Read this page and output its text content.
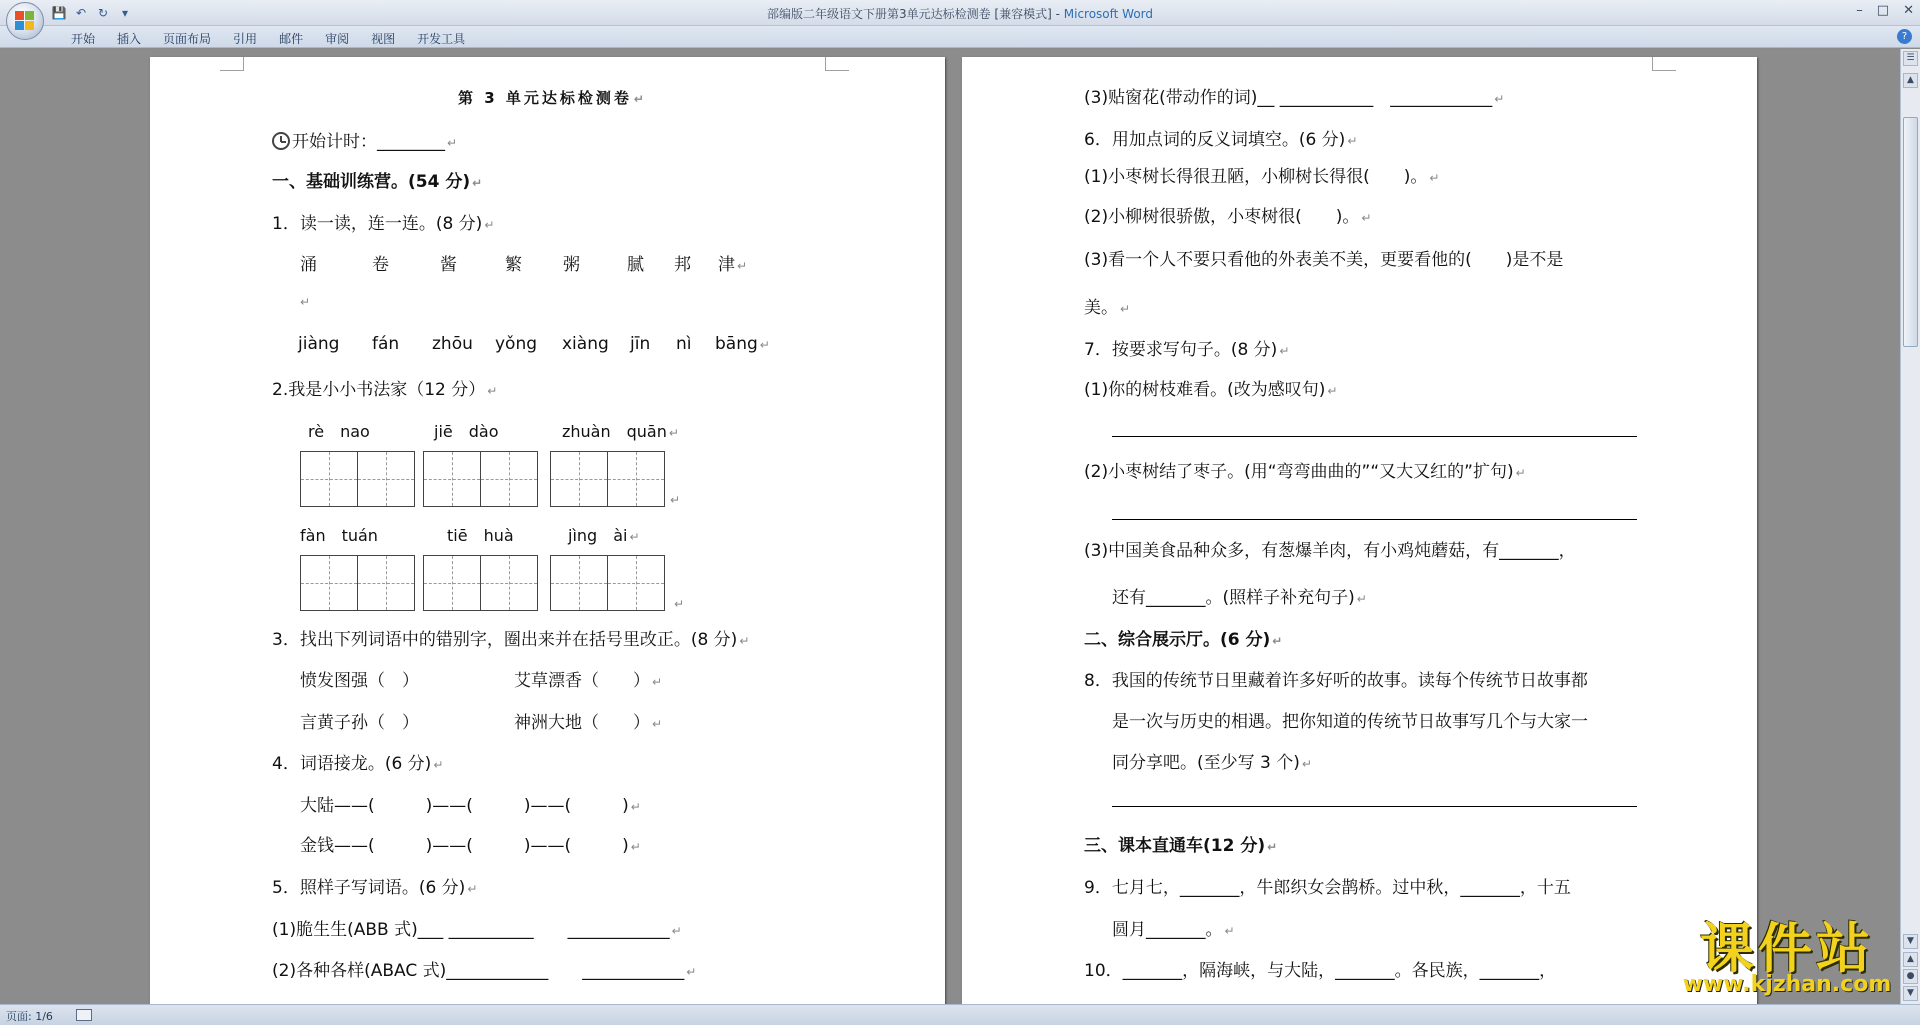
💾 ↶ ↻	▾	部编版二年级语文下册第3单元达标检测卷 [兼容模式] - Microsoft Word	– □ ✕
开始	插入	页面布局	引用	邮件	审阅	视图	开发工具	?
第 3 单元达标检测卷 ↵
开始计时：________ ↵
一、基础训练营。(54 分) ↵
1．读一读，连一连。(8 分) ↵
涌	卷	酱	繁 粥	腻 邦 津 ↵
↵
jiàng fán zhōu yǒng xiàng jīn nì bāng ↵
2.我是小小书法家（12 分） ↵
rè　nao	jiē　dào	zhuàn　quān ↵
↵
fàn　tuán	tiē　huà	jìng　ài ↵
↵
3．找出下列词语中的错别字，圈出来并在括号里改正。(8 分) ↵
愤发图强（　）	艾草漂香（　　） ↵
言黄子孙（　）	神洲大地（　　） ↵
4．词语接龙。(6 分) ↵
大陆——(　　　)——(　　　)——(　　　) ↵
金钱——(　　　)——(　　　)——(　　　) ↵
5．照样子写词语。(6 分) ↵
(1)脆生生(ABB 式)___ __________　　____________ ↵
(2)各种各样(ABAC 式)____________　　____________ ↵
(3)贴窗花(带动作的词)__ ___________　____________ ↵
6．用加点词的反义词填空。(6 分) ↵
(1)小枣树长得很丑陋，小柳树长得很(　　)。 ↵
(2)小柳树很骄傲，小枣树很(　　)。 ↵
(3)看一个人不要只看他的外表美不美，更要看他的(　　)是不是
美。 ↵
7．按要求写句子。(8 分) ↵
(1)你的树枝难看。(改为感叹句) ↵
(2)小枣树结了枣子。(用“弯弯曲曲的”“又大又红的”扩句) ↵
(3)中国美食品种众多，有葱爆羊肉，有小鸡炖蘑菇，有_______，
还有_______。(照样子补充句子) ↵
二、综合展示厅。(6 分) ↵
8．我国的传统节日里藏着许多好听的故事。读每个传统节日故事都
是一次与历史的相遇。把你知道的传统节日故事写几个与大家一
同分享吧。(至少写 3 个) ↵
三、课本直通车(12 分) ↵
9．七月七，_______，牛郎织女会鹊桥。过中秋，_______，十五
圆月_______。 ↵
10．_______，隔海峡，与大陆，_______。各民族，_______，
☰
▲
▼
▲
●
▼
页面: 1/6
课件站
www.kjzhan.com
